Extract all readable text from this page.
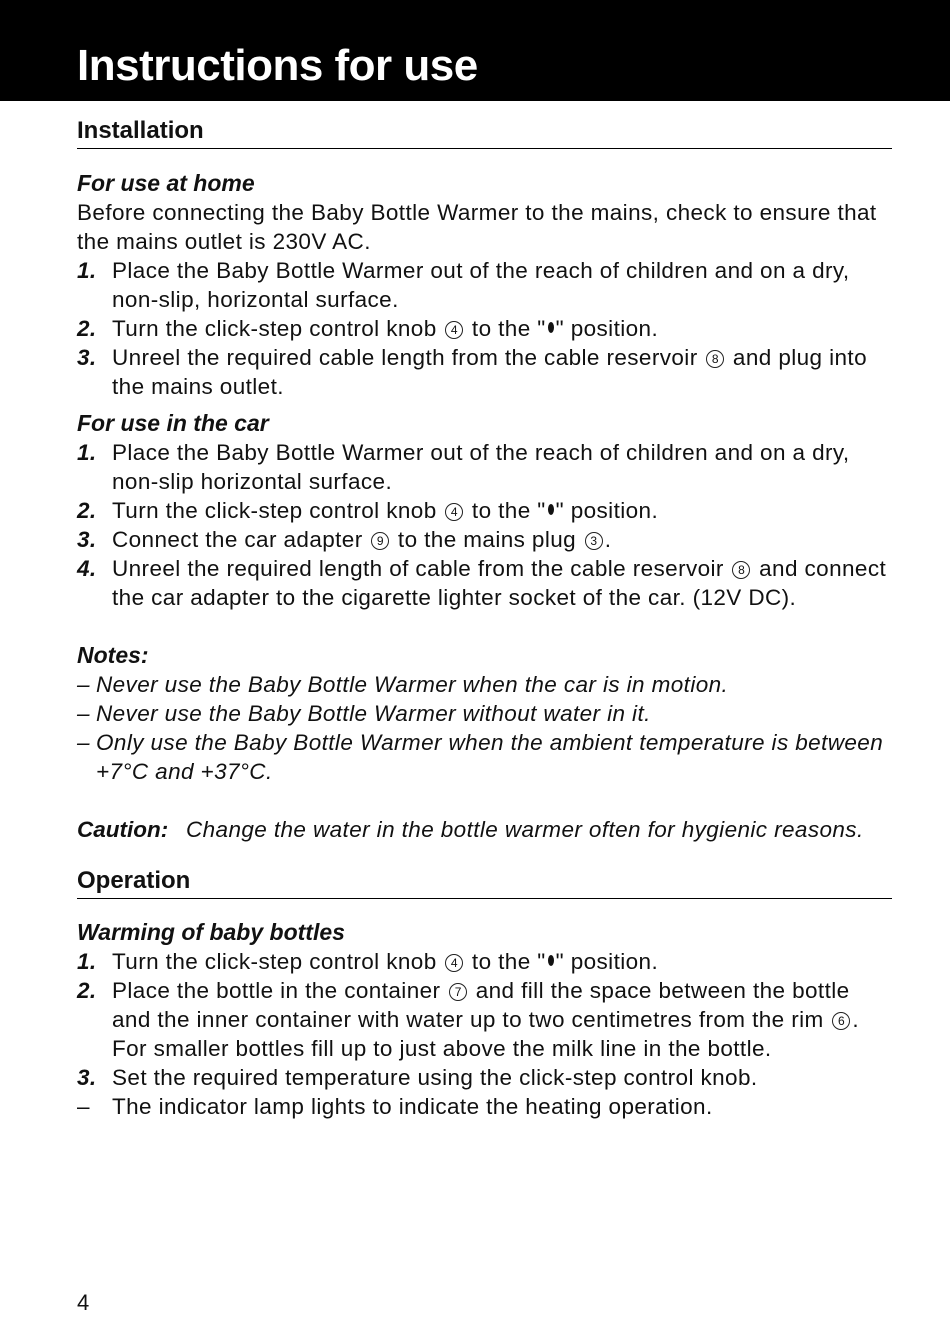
Instructions for use
Installation
For use at home

Before connecting the Baby Bottle Warmer to the mains, check to ensure that the mains outlet is 230V AC.

1. Place the Baby Bottle Warmer out of the reach of children and on a dry, non-slip, horizontal surface.
2. Turn the click-step control knob 4 to the " " position.
3. Unreel the required cable length from the cable reservoir 8 and plug into the mains outlet.
For use in the car
1. Place the Baby Bottle Warmer out of the reach of children and on a dry, non-slip horizontal surface.
2. Turn the click-step control knob 4 to the " " position.
3. Connect the car adapter 9 to the mains plug 3 .
4. Unreel the required length of cable from the cable reservoir 8 and connect the car adapter to the cigarette lighter socket of the car. (12V DC).
Notes:
– Never use the Baby Bottle Warmer when the car is in motion.
– Never use the Baby Bottle Warmer without water in it.
– Only use the Baby Bottle Warmer when the ambient temperature is between +7°C and +37°C.
Caution: Change the water in the bottle warmer often for hygienic reasons.
Operation
Warming of baby bottles
1. Turn the click-step control knob 4 to the " " position.
2. Place the bottle in the container 7 and fill the space between the bottle and the inner container with water up to two centimetres from the rim 6 . For smaller bottles fill up to just above the milk line in the bottle.
3. Set the required temperature using the click-step control knob.
– The indicator lamp lights to indicate the heating operation.
4
